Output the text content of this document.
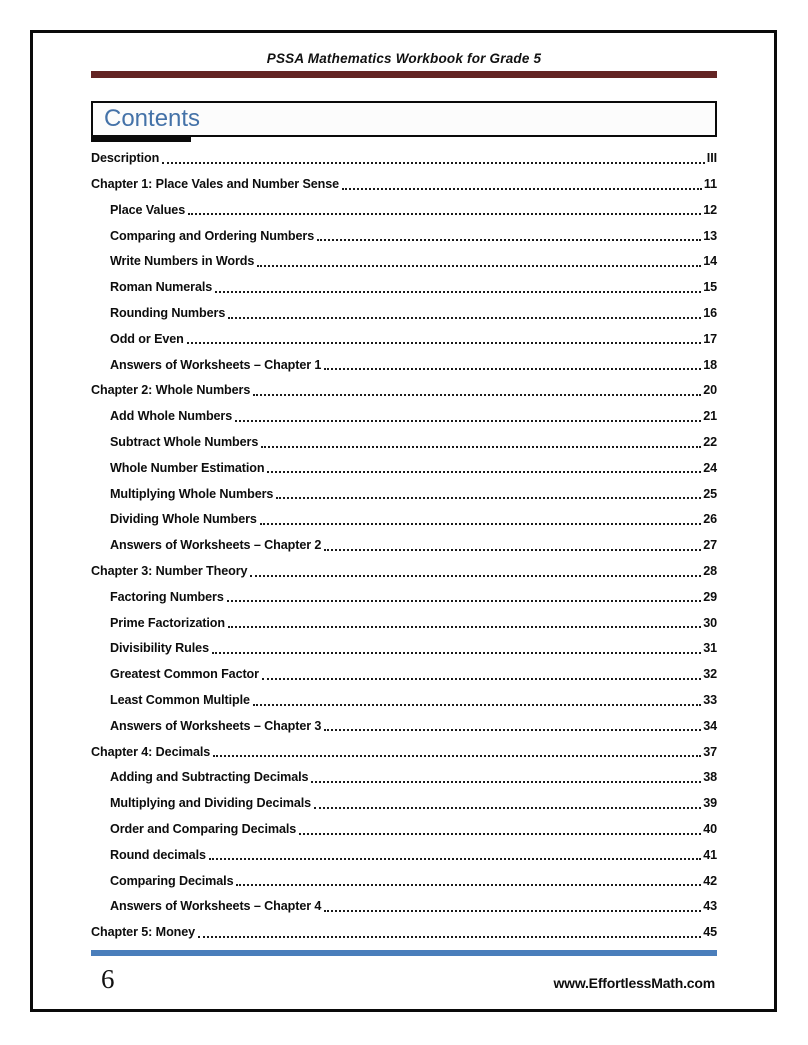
PSSA Mathematics Workbook for Grade 5
Contents
Description	III
Chapter 1: Place Vales and Number Sense	11
Place Values	12
Comparing and Ordering Numbers	13
Write Numbers in Words	14
Roman Numerals	15
Rounding Numbers	16
Odd or Even	17
Answers of Worksheets – Chapter 1	18
Chapter 2: Whole Numbers	20
Add Whole Numbers	21
Subtract Whole Numbers	22
Whole Number Estimation	24
Multiplying Whole Numbers	25
Dividing Whole Numbers	26
Answers of Worksheets – Chapter 2	27
Chapter 3: Number Theory	28
Factoring Numbers	29
Prime Factorization	30
Divisibility Rules	31
Greatest Common Factor	32
Least Common Multiple	33
Answers of Worksheets – Chapter 3	34
Chapter 4: Decimals	37
Adding and Subtracting Decimals	38
Multiplying and Dividing Decimals	39
Order and Comparing Decimals	40
Round decimals	41
Comparing Decimals	42
Answers of Worksheets – Chapter 4	43
Chapter 5: Money	45
6	www.EffortlessMath.com
